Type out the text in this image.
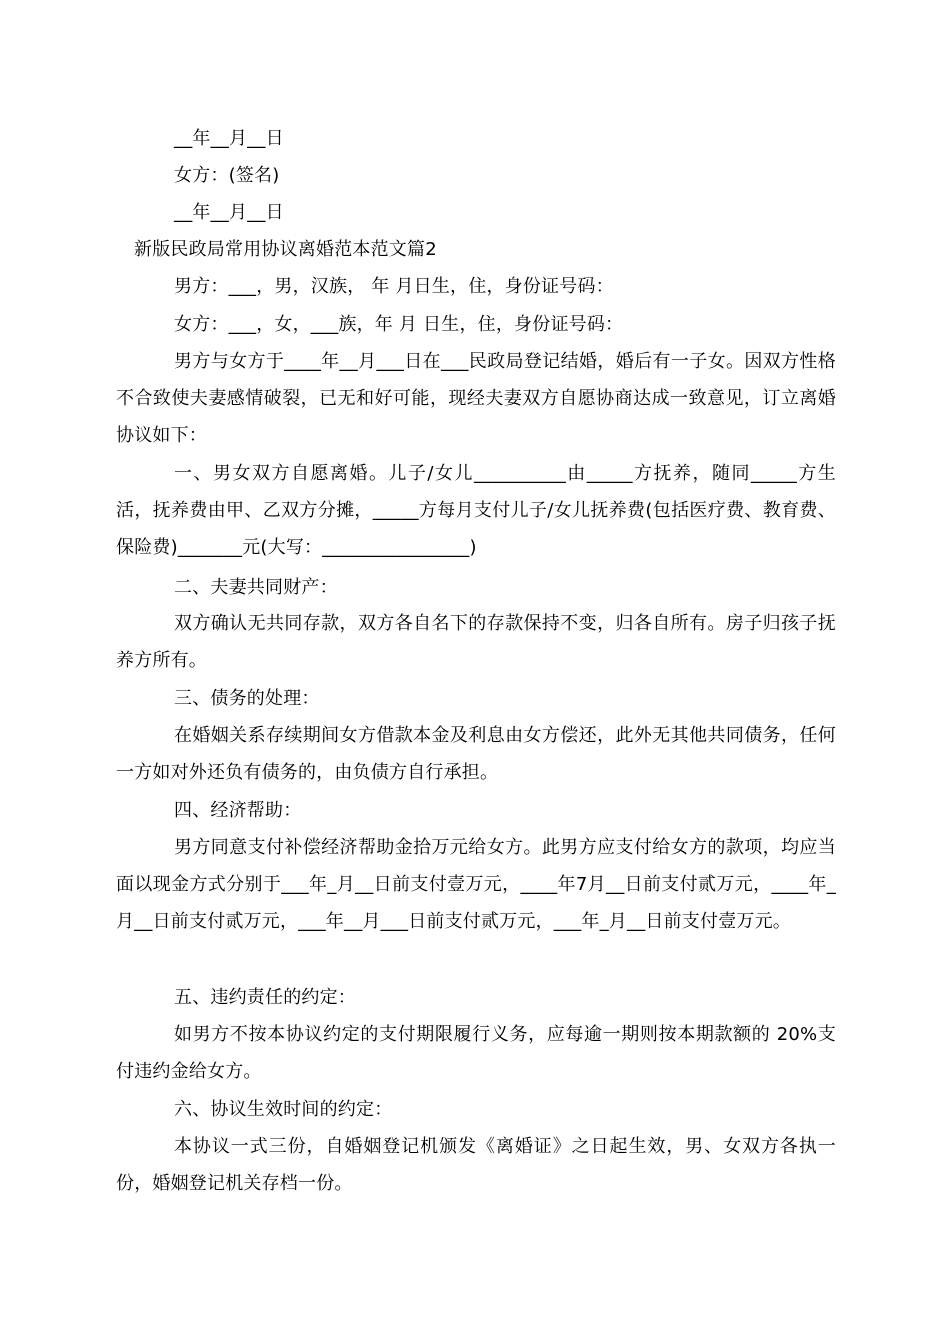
__年__月__日
女方：(签名)
__年__月__日
新版民政局常用协议离婚范本范文篇2
男方：___，男，汉族， 年 月日生，住，身份证号码：
女方：___，女，___族，年 月 日生，住，身份证号码：
男方与女方于____年__月___日在___民政局登记结婚，婚后有一子女。因双方性格不合致使夫妻感情破裂，已无和好可能，现经夫妻双方自愿协商达成一致意见，订立离婚协议如下：
一、男女双方自愿离婚。儿子/女儿__________由_____方抚养，随同_____方生活，抚养费由甲、乙双方分摊，_____方每月支付儿子/女儿抚养费(包括医疗费、教育费、保险费)_______元(大写：________________)
二、夫妻共同财产：
双方确认无共同存款，双方各自名下的存款保持不变，归各自所有。房子归孩子抚养方所有。
三、债务的处理：
在婚姻关系存续期间女方借款本金及利息由女方偿还，此外无其他共同债务，任何一方如对外还负有债务的，由负债方自行承担。
四、经济帮助：
男方同意支付补偿经济帮助金拾万元给女方。此男方应支付给女方的款项，均应当面以现金方式分别于___年_月__日前支付壹万元，____年7月__日前支付贰万元，____年_月__日前支付贰万元，___年__月___日前支付贰万元，___年_月__日前支付壹万元。
五、违约责任的约定：
如男方不按本协议约定的支付期限履行义务，应每逾一期则按本期款额的 20%支付违约金给女方。
六、协议生效时间的约定：
本协议一式三份，自婚姻登记机颁发《离婚证》之日起生效，男、女双方各执一份，婚姻登记机关存档一份。
